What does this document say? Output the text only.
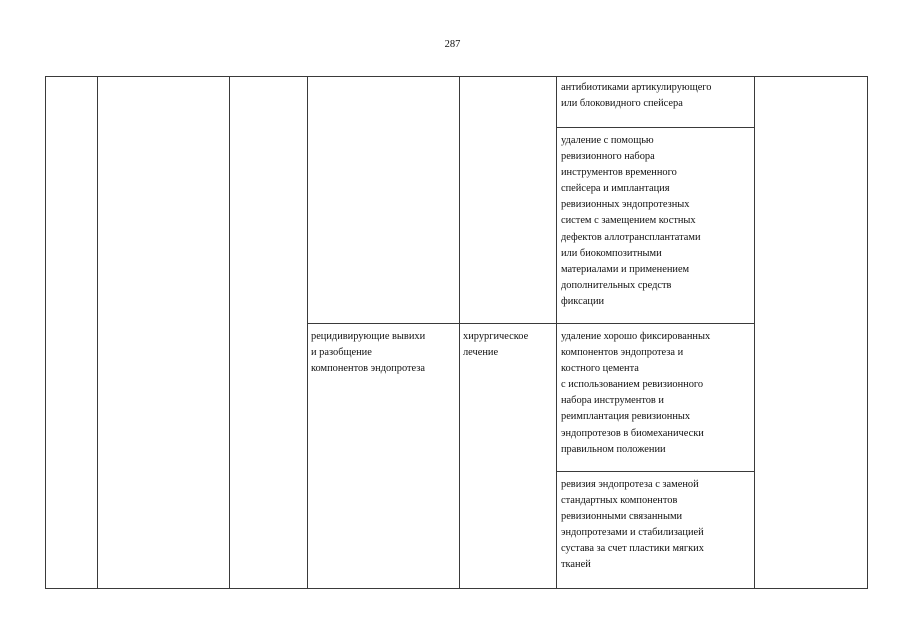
287
антибиотиками артикулирующего
или блоковидного спейсера
удаление с помощью
ревизионного набора
инструментов временного
спейсера и имплантация
ревизионных эндопротезных
систем с замещением костных
дефектов аллотрансплантатами
или биокомпозитными
материалами и применением
дополнительных средств
фиксации
рецидивирующие вывихи
и разобщение
компонентов эндопротеза
хирургическое
лечение
удаление хорошо фиксированных
компонентов эндопротеза и
костного цемента
с использованием ревизионного
набора инструментов и
реимплантация ревизионных
эндопротезов в биомеханически
правильном положении
ревизия эндопротеза с заменой
стандартных компонентов
ревизионными связанными
эндопротезами и стабилизацией
сустава за счет пластики мягких
тканей
